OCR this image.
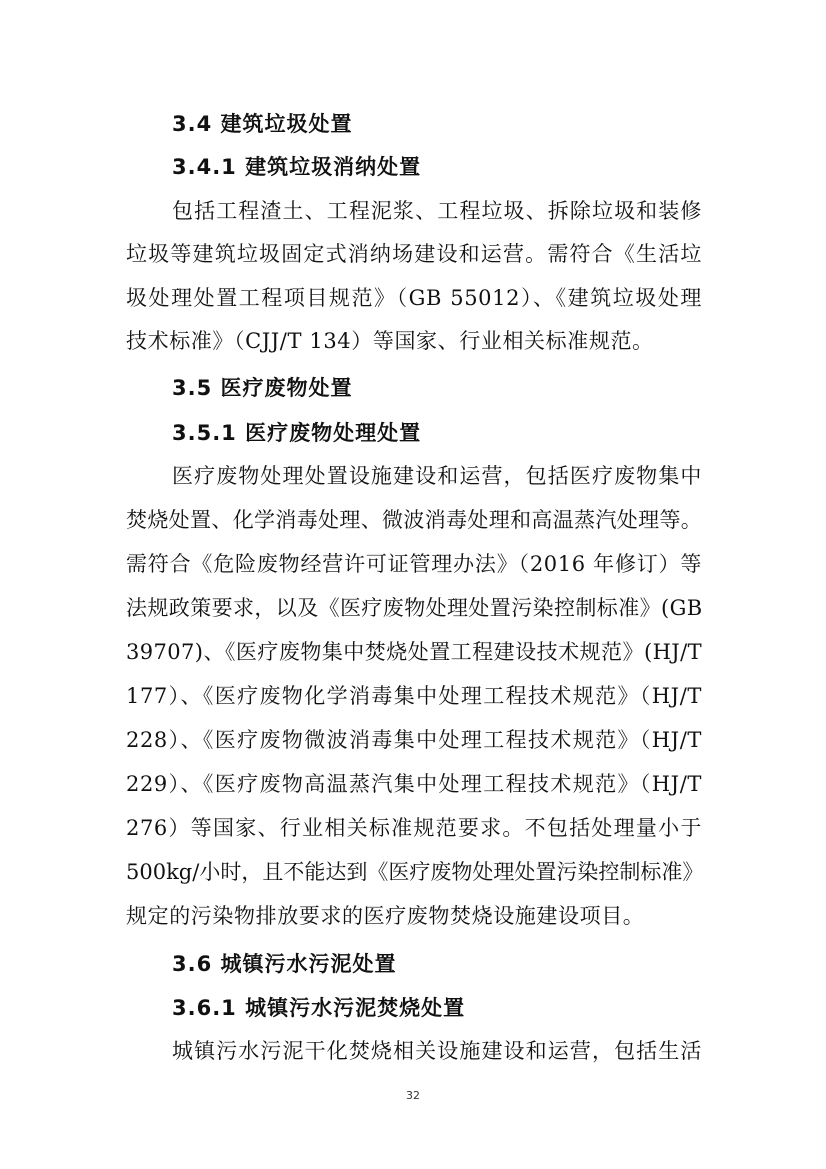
3.4 建筑垃圾处置
3.4.1 建筑垃圾消纳处置
包括工程渣土、工程泥浆、工程垃圾、拆除垃圾和装修
垃圾等建筑垃圾固定式消纳场建设和运营。需符合《生活垃
圾处理处置工程项目规范》（GB 55012）、《建筑垃圾处理
技术标准》（CJJ/T 134）等国家、行业相关标准规范。
3.5 医疗废物处置
3.5.1 医疗废物处理处置
医疗废物处理处置设施建设和运营，包括医疗废物集中
焚烧处置、化学消毒处理、微波消毒处理和高温蒸汽处理等。
需符合《危险废物经营许可证管理办法》（2016 年修订）等
法规政策要求，以及《医疗废物处理处置污染控制标准》(GB
39707)、《医疗废物集中焚烧处置工程建设技术规范》(HJ/T
177）、《医疗废物化学消毒集中处理工程技术规范》（HJ/T
228）、《医疗废物微波消毒集中处理工程技术规范》（HJ/T
229）、《医疗废物高温蒸汽集中处理工程技术规范》（HJ/T
276）等国家、行业相关标准规范要求。不包括处理量小于
500kg/小时，且不能达到《医疗废物处理处置污染控制标准》
规定的污染物排放要求的医疗废物焚烧设施建设项目。
3.6 城镇污水污泥处置
3.6.1 城镇污水污泥焚烧处置
城镇污水污泥干化焚烧相关设施建设和运营，包括生活
32
